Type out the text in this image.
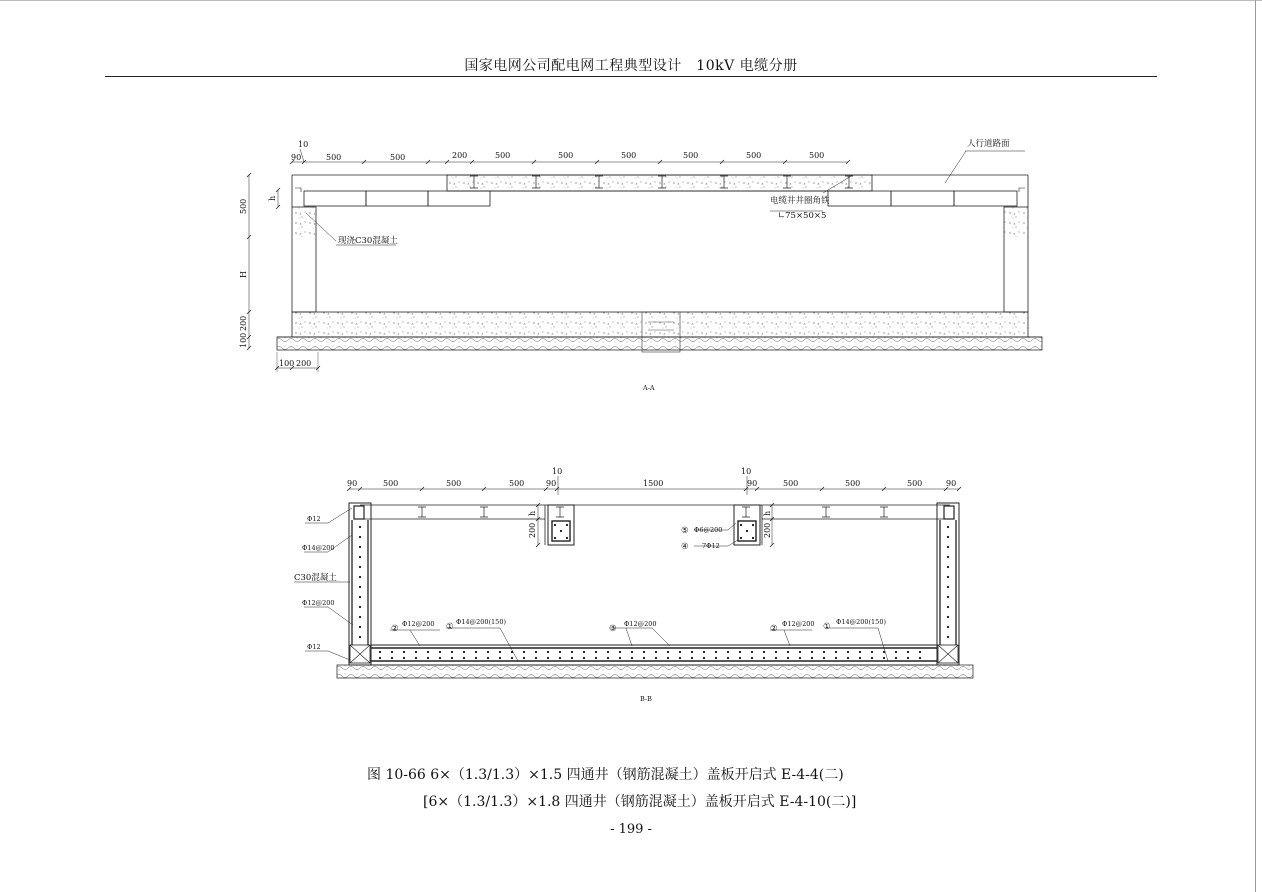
国家电网公司配电网工程典型设计　10kV 电缆分册
10
90	500	500	200	500	500	500	500	500	500
500
h
H
200
100
100 200
人行道路面
电缆井井圈角铁
∟75×50×5
现浇C30混凝土
A-A
90	500	500	500	90
10
1500
10
90	500	500	500	90
h
200
h
200
Φ12
Φ14@200
C30混凝土
Φ12@200
Φ12
⑤ Φ6@200
④ 7Φ12
② Φ12@200 ① Φ14@200(150)
③ Φ12@200	② Φ12@200 ① Φ14@200(150)
B-B
图 10-66 6×（1.3/1.3）×1.5 四通井（钢筋混凝土）盖板开启式 E-4-4(二)
[6×（1.3/1.3）×1.8 四通井（钢筋混凝土）盖板开启式 E-4-10(二)]
- 199 -
